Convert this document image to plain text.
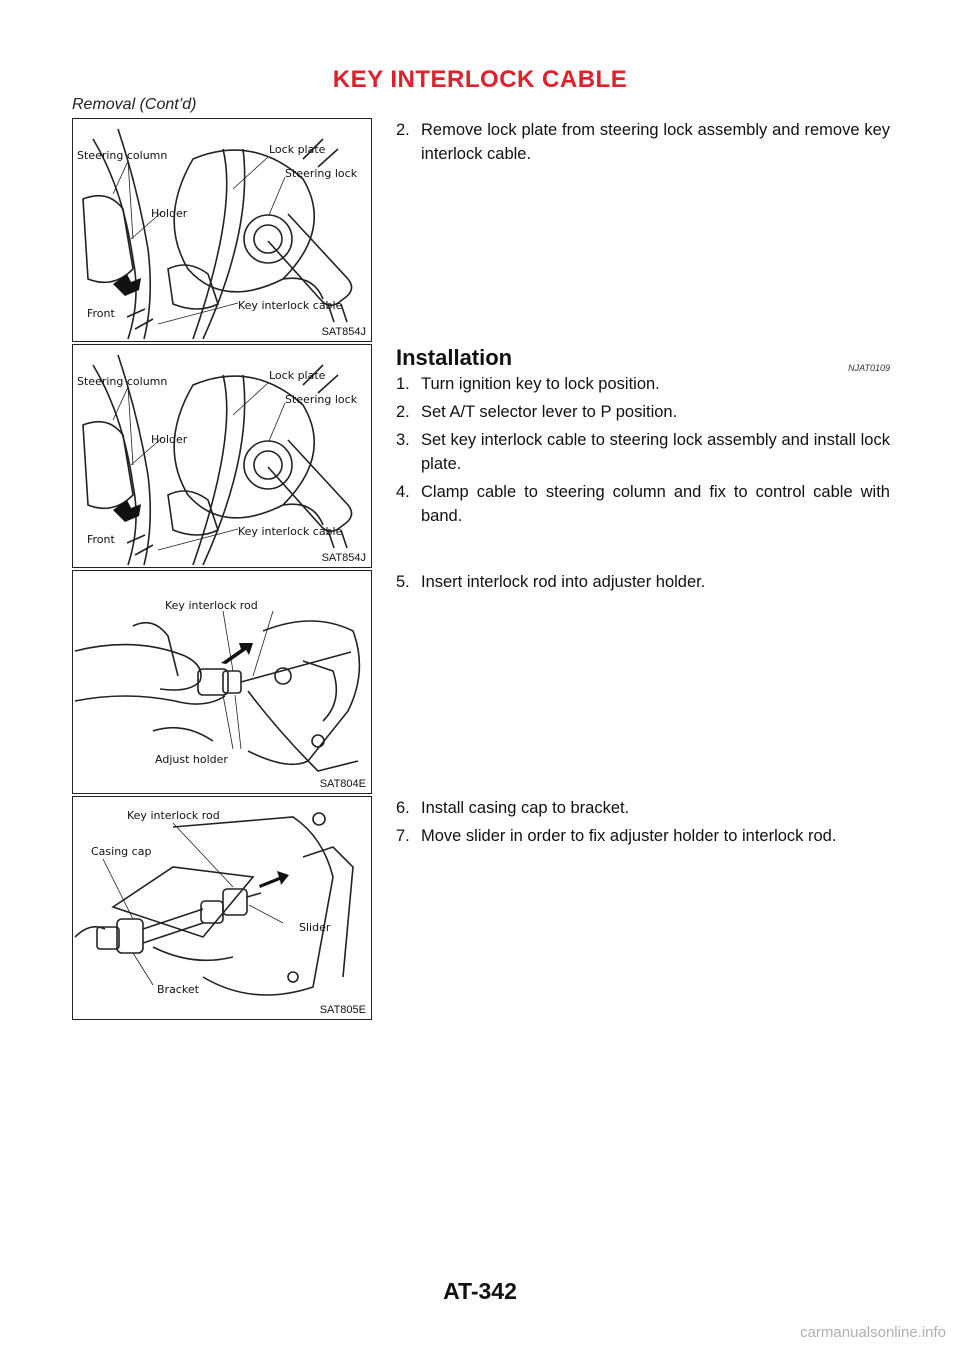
KEY INTERLOCK CABLE
Removal (Cont’d)
Steering column
Holder
Lock plate
Steering lock
Front
Key interlock cable
SAT854J
Steering column
Holder
Lock plate
Steering lock
Front
Key interlock cable
SAT854J
Key interlock rod
Adjust holder
SAT804E
Key interlock rod
Casing cap
Slider
Bracket
SAT805E
2. Remove lock plate from steering lock assembly and remove key interlock cable.
Installation	NJAT0109
1. Turn ignition key to lock position.
2. Set A/T selector lever to P position.
3. Set key interlock cable to steering lock assembly and install lock plate.
4. Clamp cable to steering column and fix to control cable with band.
5. Insert interlock rod into adjuster holder.
6. Install casing cap to bracket.
7. Move slider in order to fix adjuster holder to interlock rod.
AT-342
carmanualsonline.info
